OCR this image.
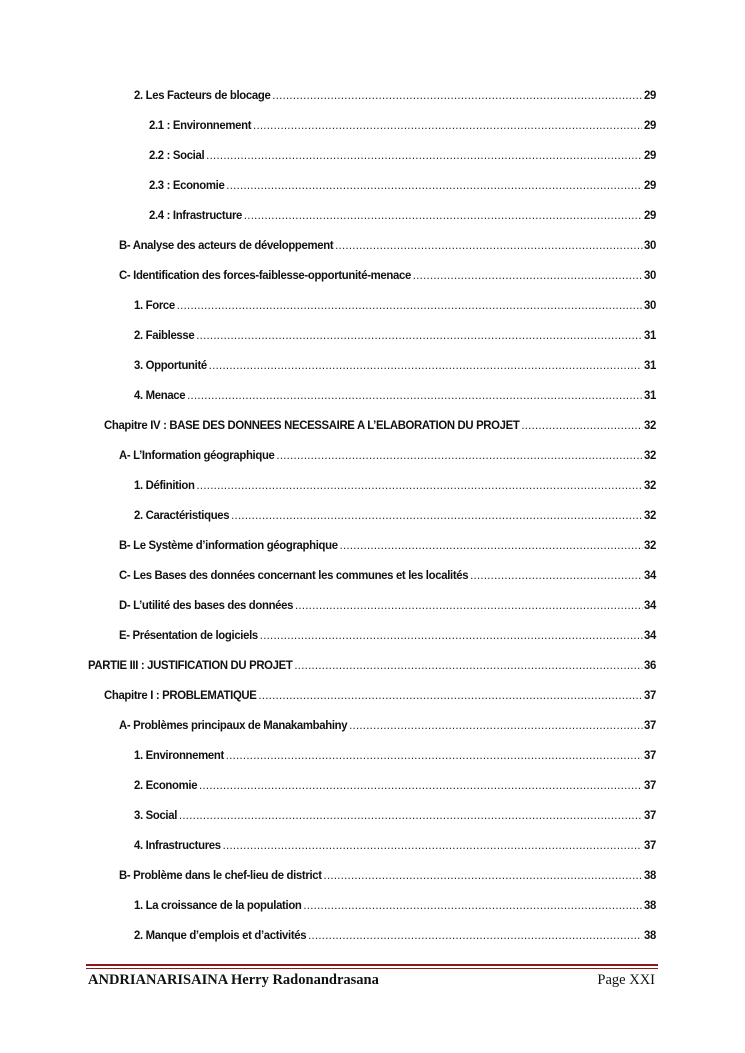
2. Les Facteurs de blocage .....	29
2.1 : Environnement .....	29
2.2 : Social .....	29
2.3 : Economie .....	29
2.4 : Infrastructure .....	29
B- Analyse des acteurs de développement .....	30
C- Identification des forces-faiblesse-opportunité-menace .....	30
1. Force .....	30
2. Faiblesse .....	31
3. Opportunité .....	31
4. Menace .....	31
Chapitre IV : BASE DES DONNEES NECESSAIRE A L’ELABORATION DU PROJET .....	32
A- L’Information géographique .....	32
1. Définition .....	32
2. Caractéristiques .....	32
B- Le Système d’information géographique .....	32
C- Les Bases des données concernant les communes et les localités .....	34
D- L’utilité des bases des données .....	34
E- Présentation de logiciels .....	34
PARTIE III : JUSTIFICATION DU PROJET .....	36
Chapitre I : PROBLEMATIQUE .....	37
A- Problèmes principaux de Manakambahiny .....	37
1. Environnement .....	37
2. Economie .....	37
3. Social .....	37
4. Infrastructures .....	37
B- Problème dans le chef-lieu de district .....	38
1. La croissance de la population .....	38
2. Manque d’emplois et d’activités .....	38
ANDRIANARISAINA Herry Radonandrasana	Page XXI
